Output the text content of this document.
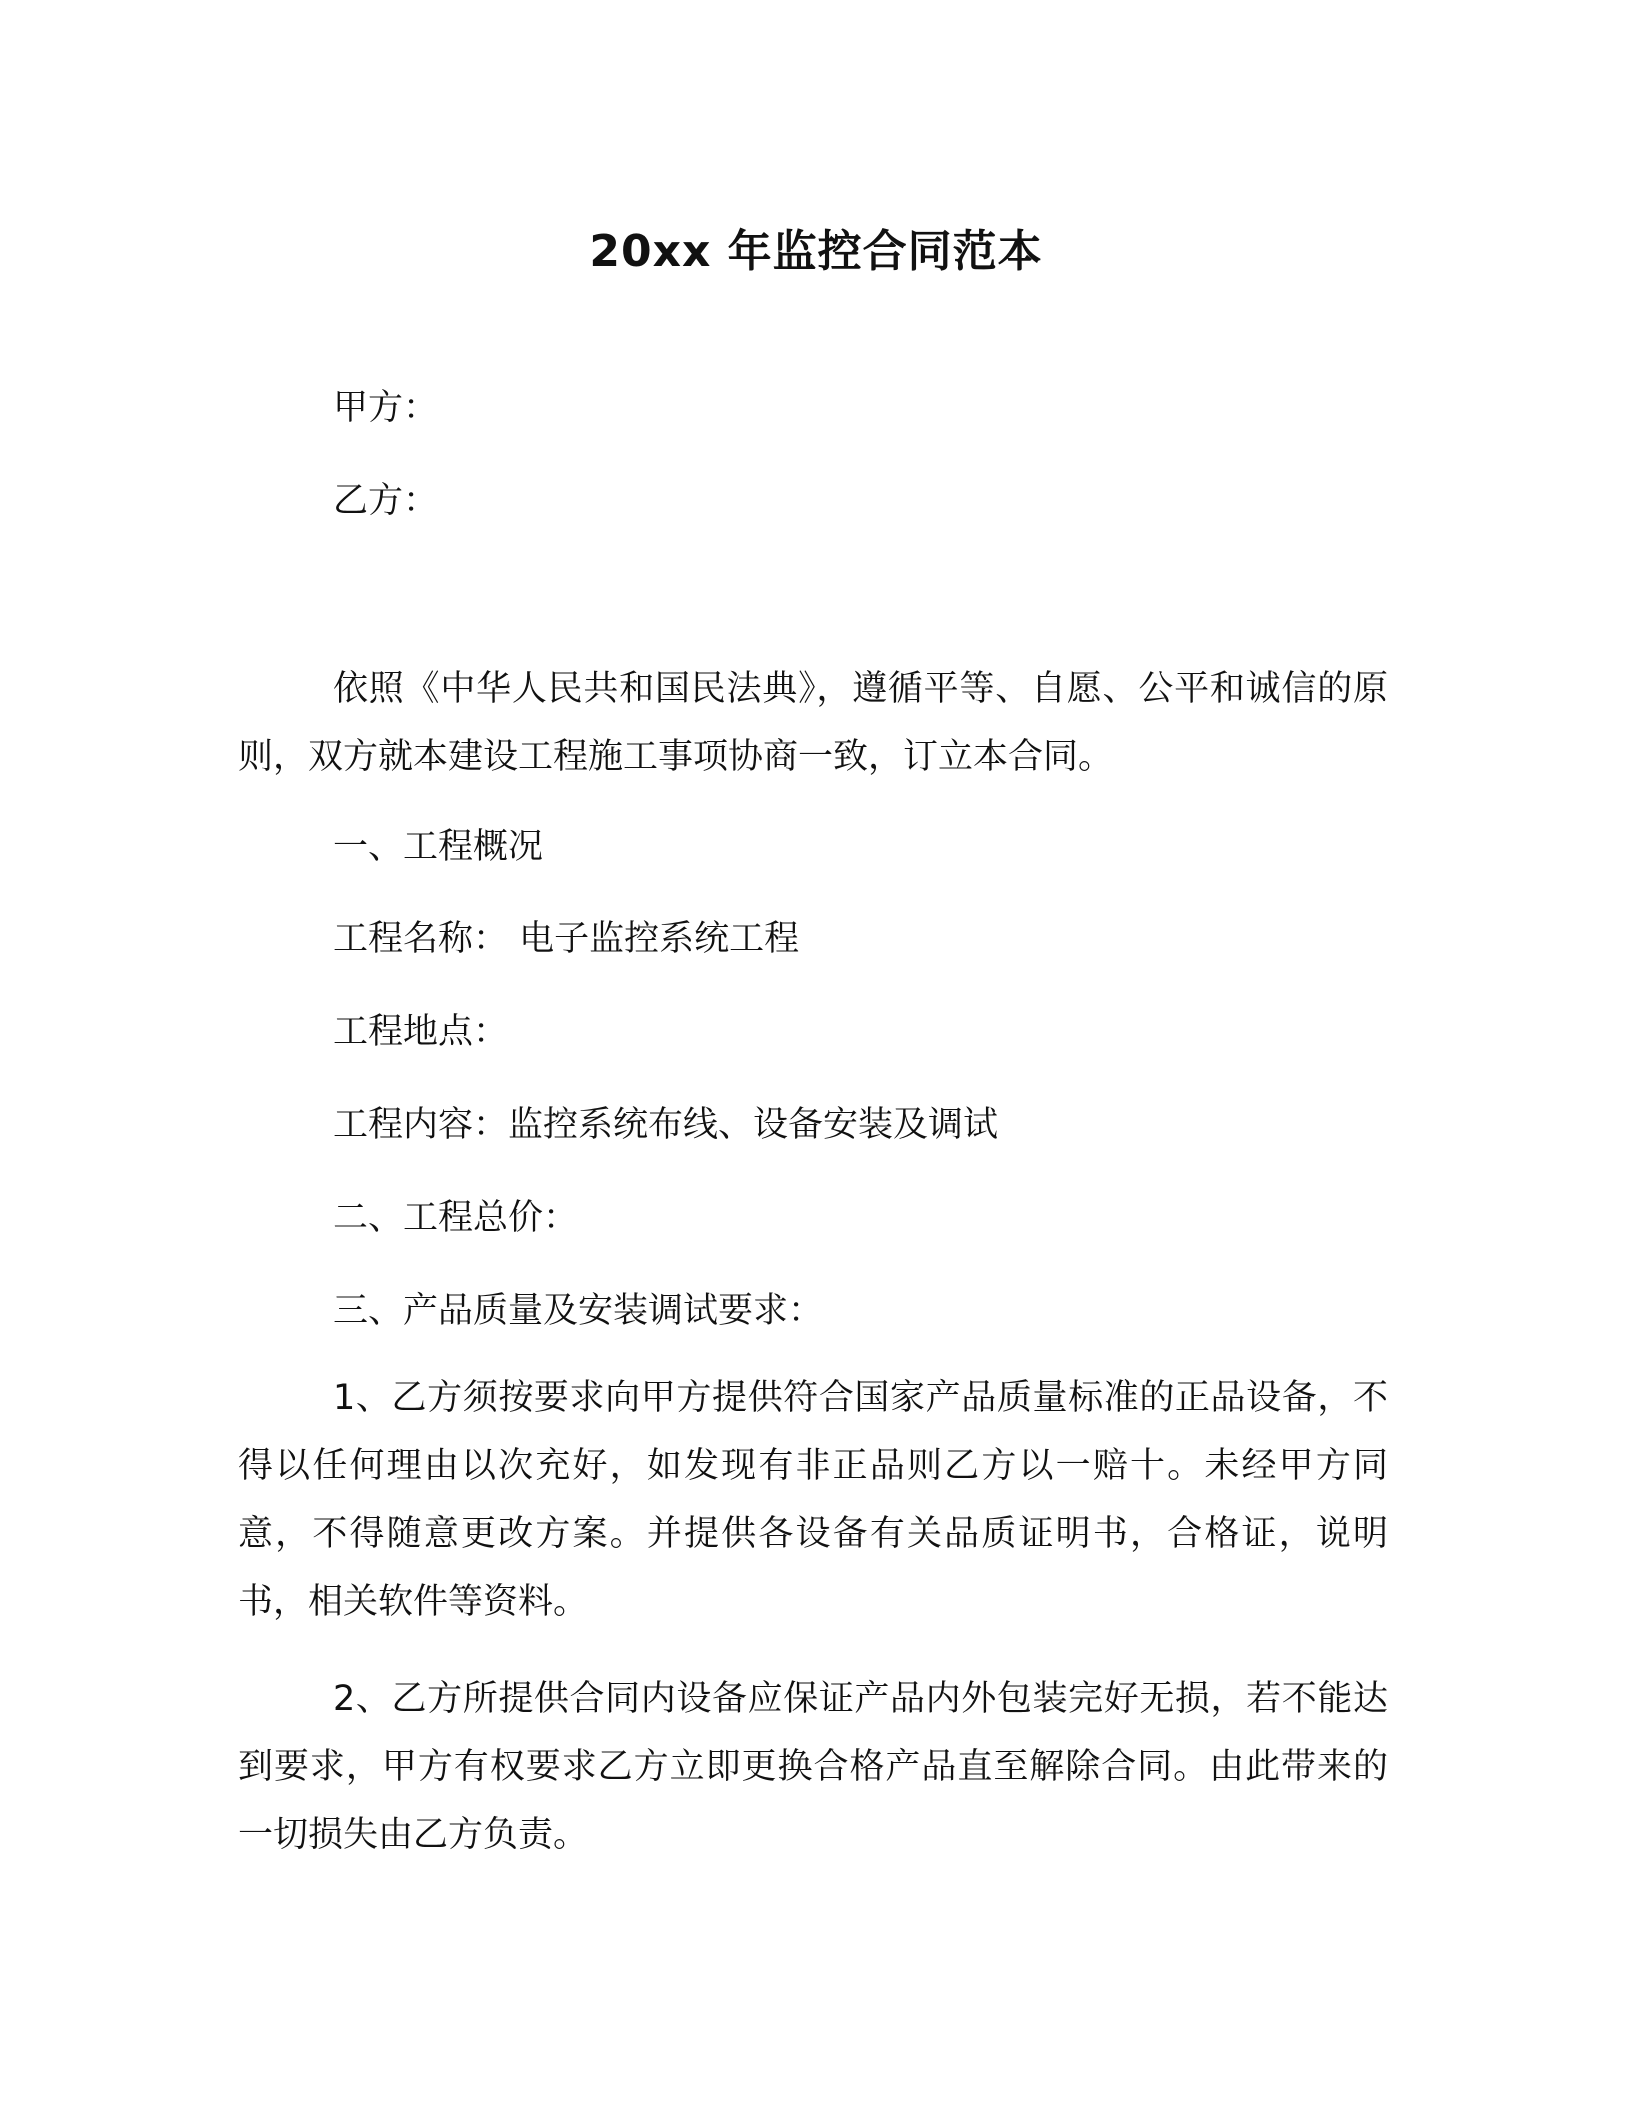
20xx 年监控合同范本
甲方：
乙方：
依照《中华人民共和国民法典》，遵循平等、自愿、公平和诚信的原则，双方就本建设工程施工事项协商一致，订立本合同。
一、工程概况
工程名称： 电子监控系统工程
工程地点：
工程内容：监控系统布线、设备安装及调试
二、工程总价：
三、产品质量及安装调试要求：
1、乙方须按要求向甲方提供符合国家产品质量标准的正品设备，不得以任何理由以次充好，如发现有非正品则乙方以一赔十。未经甲方同意，不得随意更改方案。并提供各设备有关品质证明书，合格证，说明书，相关软件等资料。
2、乙方所提供合同内设备应保证产品内外包装完好无损，若不能达到要求，甲方有权要求乙方立即更换合格产品直至解除合同。由此带来的一切损失由乙方负责。
